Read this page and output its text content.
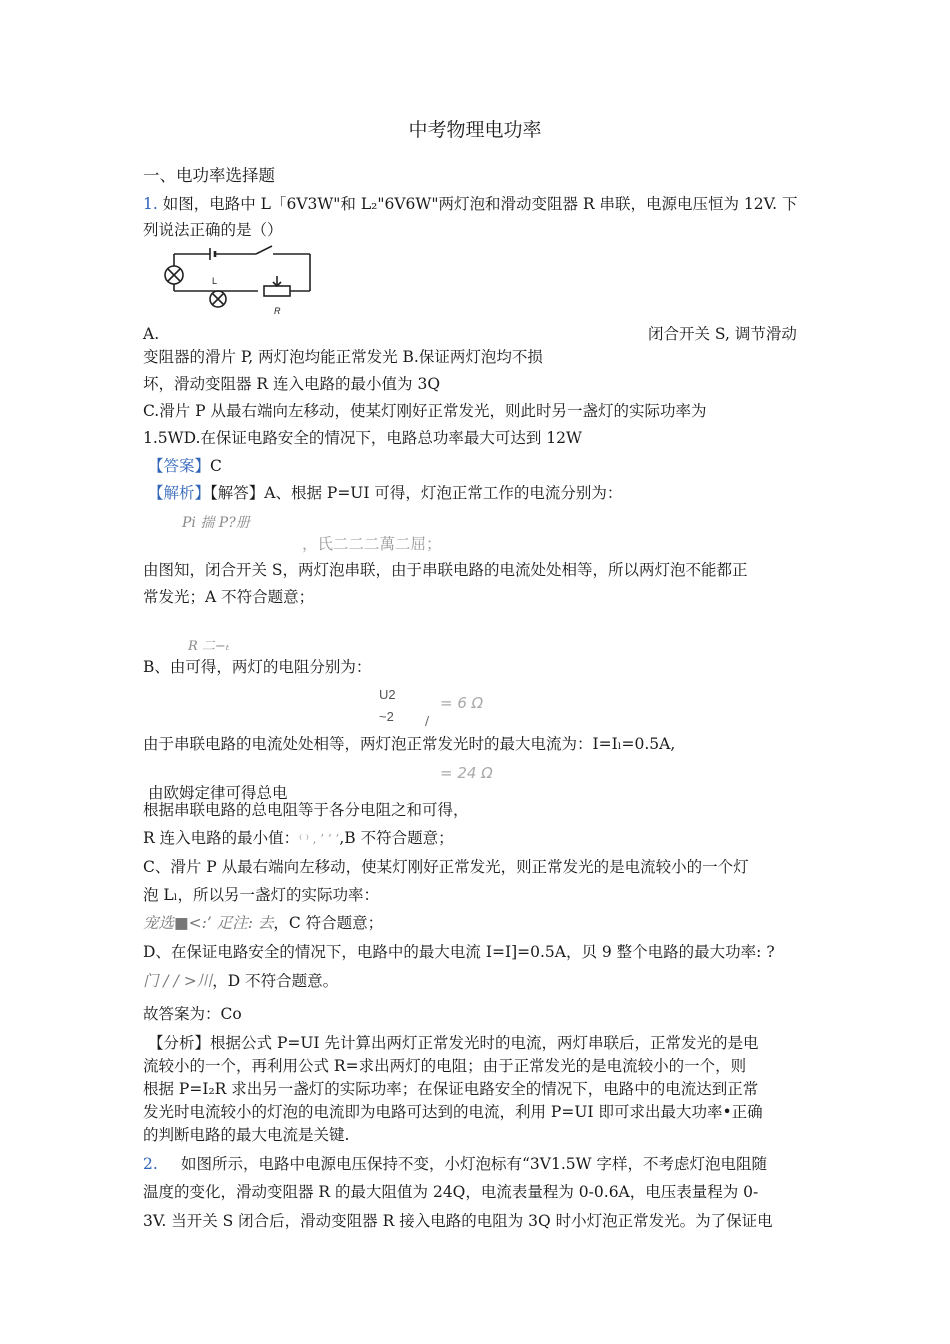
中考物理电功率
一、电功率选择题
1. 如图，电路中 L「6V3W"和 L₂"6V6W"两灯泡和滑动变阻器 R 串联，电源电压恒为 12V. 下
列说法正确的是（）
L
R
A.	闭合开关 S, 调节滑动
变阻器的滑片 P, 两灯泡均能正常发光 B.保证两灯泡均不损
坏，滑动变阻器 R 连入电路的最小值为 3Q
C.滑片 P 从最右端向左移动，使某灯刚好正常发光，则此时另一盏灯的实际功率为
1.5WD.在保证电路安全的情况下，电路总功率最大可达到 12W
【答案】C
【解析】【解答】A、根据 P=UI 可得，灯泡正常工作的电流分别为：
Pi 揣 P?册
，氏二二二萬二屈；
由图知，闭合开关 S，两灯泡串联，由于串联电路的电流处处相等，所以两灯泡不能都正
常发光；A 不符合题意；
R 二−ₜ
B、由可得，两灯的电阻分别为：
U2
~2	/
= 6 Ω
由于串联电路的电流处处相等，两灯泡正常发光时的最大电流为：I=Iₗ=0.5A,
= 24 Ω
由欧姆定律可得总电
根据串联电路的总电阻等于各分电阻之和可得，
R 连入电路的最小值：⁽ ⁾ , ’ ’ ’,B 不符合题意；
C、滑片 P 从最右端向左移动，使某灯刚好正常发光，则正常发光的是电流较小的一个灯
泡 Lₗ，所以另一盏灯的实际功率：
宠选■<:’ 疋注: 去，C 符合题意；
D、在保证电路安全的情况下，电路中的最大电流 I=I]=0.5A，贝 9 整个电路的最大功率: ?
门 / / >川，D 不符合题意。
故答案为：Co
【分析】根据公式 P=UI 先计算出两灯正常发光时的电流，两灯串联后，正常发光的是电
流较小的一个，再利用公式 R=求出两灯的电阻；由于正常发光的是电流较小的一个，则
根据 P=I₂R 求出另一盏灯的实际功率；在保证电路安全的情况下，电路中的电流达到正常
发光时电流较小的灯泡的电流即为电路可达到的电流，利用 P=UI 即可求出最大功率•正确
的判断电路的最大电流是关键.
2. 如图所示，电路中电源电压保持不变，小灯泡标有“3V1.5W 字样，不考虑灯泡电阻随
温度的变化，滑动变阻器 R 的最大阻值为 24Q，电流表量程为 0-0.6A，电压表量程为 0-
3V. 当开关 S 闭合后，滑动变阻器 R 接入电路的电阻为 3Q 时小灯泡正常发光。为了保证电
